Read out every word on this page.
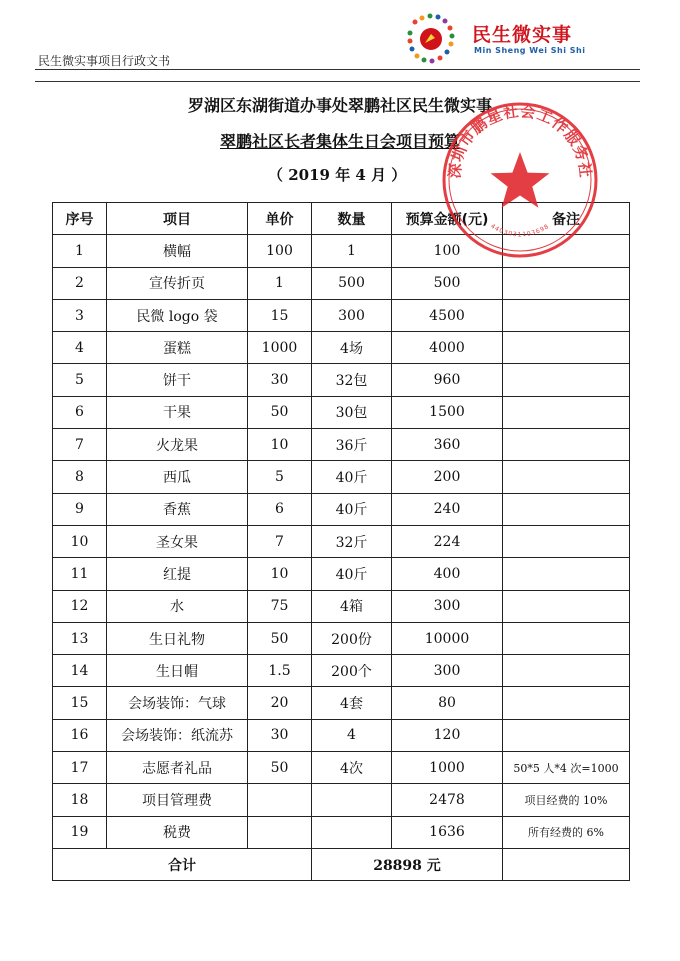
民生微实事项目行政文书
民生微实事
Min Sheng Wei Shi Shi
罗湖区东湖街道办事处翠鹏社区民生微实事
翠鹏社区长者集体生日会项目预算
（ 2019 年 4 月 ）
序号	项目	单价	数量	预算金额(元)	备注
1	横幅	100	1	100	
2	宣传折页	1	500	500	
3	民微 logo 袋	15	300	4500	
4	蛋糕	1000	4场	4000	
5	饼干	30	32包	960	
6	干果	50	30包	1500	
7	火龙果	10	36斤	360	
8	西瓜	5	40斤	200	
9	香蕉	6	40斤	240	
10	圣女果	7	32斤	224	
11	红提	10	40斤	400	
12	水	75	4箱	300	
13	生日礼物	50	200份	10000	
14	生日帽	1.5	200个	300	
15	会场装饰：气球	20	4套	80	
16	会场装饰：纸流苏	30	4	120	
17	志愿者礼品	50	4次	1000	50*5 人*4 次=1000
18	项目管理费			2478	项目经费的 10%
19	税费			1636	所有经费的 6%
合计			28898 元		
深圳市鹏星社会工作服务社
4403031103698
